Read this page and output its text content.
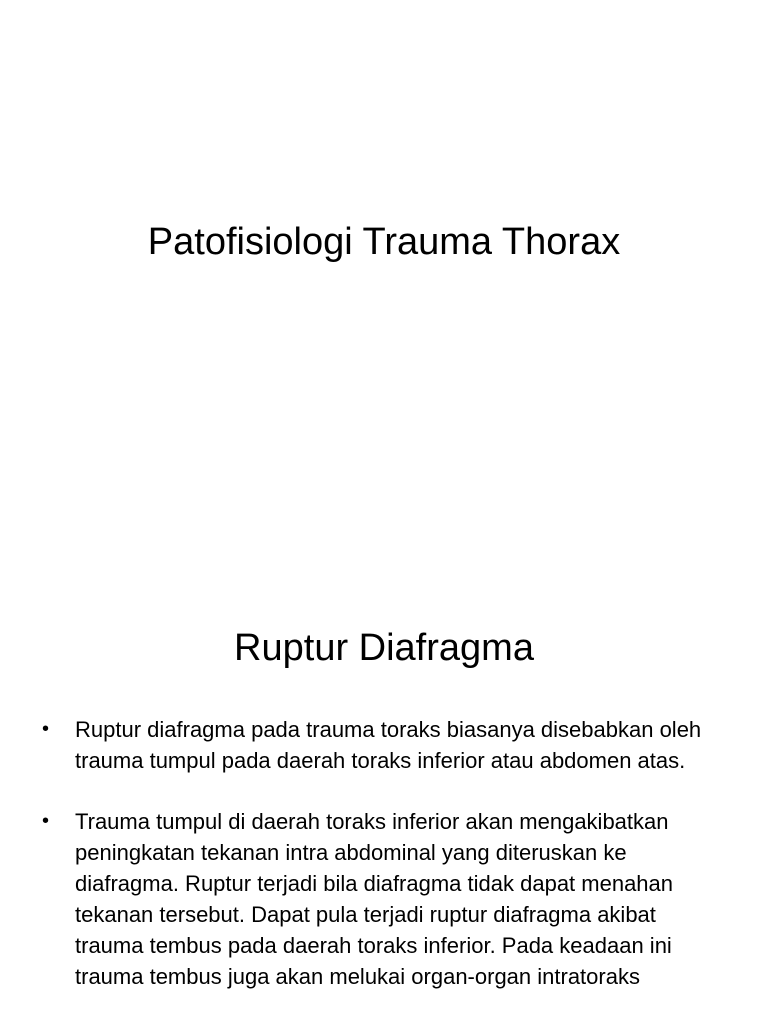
Patofisiologi Trauma Thorax
Ruptur Diafragma
• Ruptur diafragma pada trauma toraks biasanya disebabkan oleh trauma tumpul pada daerah toraks inferior atau abdomen atas.
• Trauma tumpul di daerah toraks inferior akan mengakibatkan peningkatan tekanan intra abdominal yang diteruskan ke diafragma. Ruptur terjadi bila diafragma tidak dapat menahan tekanan tersebut. Dapat pula terjadi ruptur diafragma akibat trauma tembus pada daerah toraks inferior. Pada keadaan ini trauma tembus juga akan melukai organ-organ intratoraks
